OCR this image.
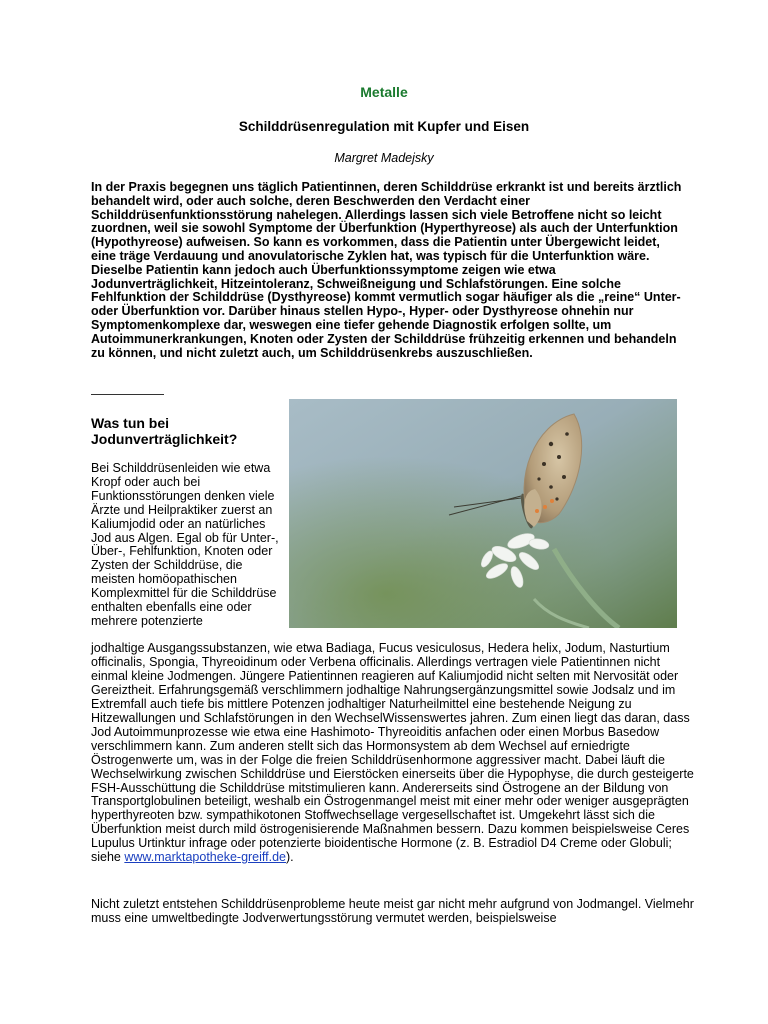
Metalle
Schilddrüsenregulation mit Kupfer und Eisen
Margret Madejsky

In der Praxis begegnen uns täglich Patientinnen, deren Schilddrüse erkrankt ist und bereits ärztlich behandelt wird, oder auch solche, deren Beschwerden den Verdacht einer Schilddrüsenfunktionsstörung nahelegen. Allerdings lassen sich viele Betroffene nicht so leicht zuordnen, weil sie sowohl Symptome der Überfunktion (Hyperthyreose) als auch der Unterfunktion (Hypothyreose) aufweisen. So kann es vorkommen, dass die Patientin unter Übergewicht leidet, eine träge Verdauung und anovulatorische Zyklen hat, was typisch für die Unterfunktion wäre. Dieselbe Patientin kann jedoch auch Überfunktionssymptome zeigen wie etwa Jodunverträglichkeit, Hitzeintoleranz, Schweißneigung und Schlafstörungen. Eine solche Fehlfunktion der Schilddrüse (Dysthyreose) kommt vermutlich sogar häufiger als die „reine“ Unter- oder Überfunktion vor. Darüber hinaus stellen Hypo-, Hyper- oder Dysthyreose ohnehin nur Symptomenkomplexe dar, weswegen eine tiefer gehende Diagnostik erfolgen sollte, um Autoimmunerkrankungen, Knoten oder Zysten der Schilddrüse frühzeitig erkennen und behandeln zu können, und nicht zuletzt auch, um Schilddrüsenkrebs auszuschließen.

Was tun bei Jodunverträglichkeit?

Bei Schilddrüsenleiden wie etwa Kropf oder auch bei Funktionsstörungen denken viele Ärzte und Heilpraktiker zuerst an Kaliumjodid oder an natürliches Jod aus Algen. Egal ob für Unter-, Über-, Fehlfunktion, Knoten oder Zysten der Schilddrüse, die meisten homöopathischen Komplexmittel für die Schilddrüse enthalten ebenfalls eine oder mehrere potenzierte

jodhaltige Ausgangssubstanzen, wie etwa Badiaga, Fucus vesiculosus, Hedera helix, Jodum, Nasturtium officinalis, Spongia, Thyreoidinum oder Verbena officinalis. Allerdings vertragen viele Patientinnen nicht einmal kleine Jodmengen. Jüngere Patientinnen reagieren auf Kaliumjodid nicht selten mit Nervosität oder Gereiztheit. Erfahrungsgemäß verschlimmern jodhaltige Nahrungsergänzungsmittel sowie Jodsalz und im Extremfall auch tiefe bis mittlere Potenzen jodhaltiger Naturheilmittel eine bestehende Neigung zu Hitzewallungen und Schlafstörungen in den WechselWissenswertes jahren. Zum einen liegt das daran, dass Jod Autoimmunprozesse wie etwa eine Hashimoto- Thyreoiditis anfachen oder einen Morbus Basedow verschlimmern kann. Zum anderen stellt sich das Hormonsystem ab dem Wechsel auf erniedrigte Östrogenwerte um, was in der Folge die freien Schilddrüsenhormone aggressiver macht. Dabei läuft die Wechselwirkung zwischen Schilddrüse und Eierstöcken einerseits über die Hypophyse, die durch gesteigerte FSH-Ausschüttung die Schilddrüse mitstimulieren kann. Andererseits sind Östrogene an der Bildung von Transportglobulinen beteiligt, weshalb ein Östrogenmangel meist mit einer mehr oder weniger ausgeprägten hyperthyreoten bzw. sympathikotonen Stoffwechsellage vergesellschaftet ist. Umgekehrt lässt sich die Überfunktion meist durch mild östrogenisierende Maßnahmen bessern. Dazu kommen beispielsweise Ceres Lupulus Urtinktur infrage oder potenzierte bioidentische Hormone (z. B. Estradiol D4 Creme oder Globuli; siehe www.marktapotheke-greiff.de).

Nicht zuletzt entstehen Schilddrüsenprobleme heute meist gar nicht mehr aufgrund von Jodmangel. Vielmehr muss eine umweltbedingte Jodverwertungsstörung vermutet werden, beispielsweise
